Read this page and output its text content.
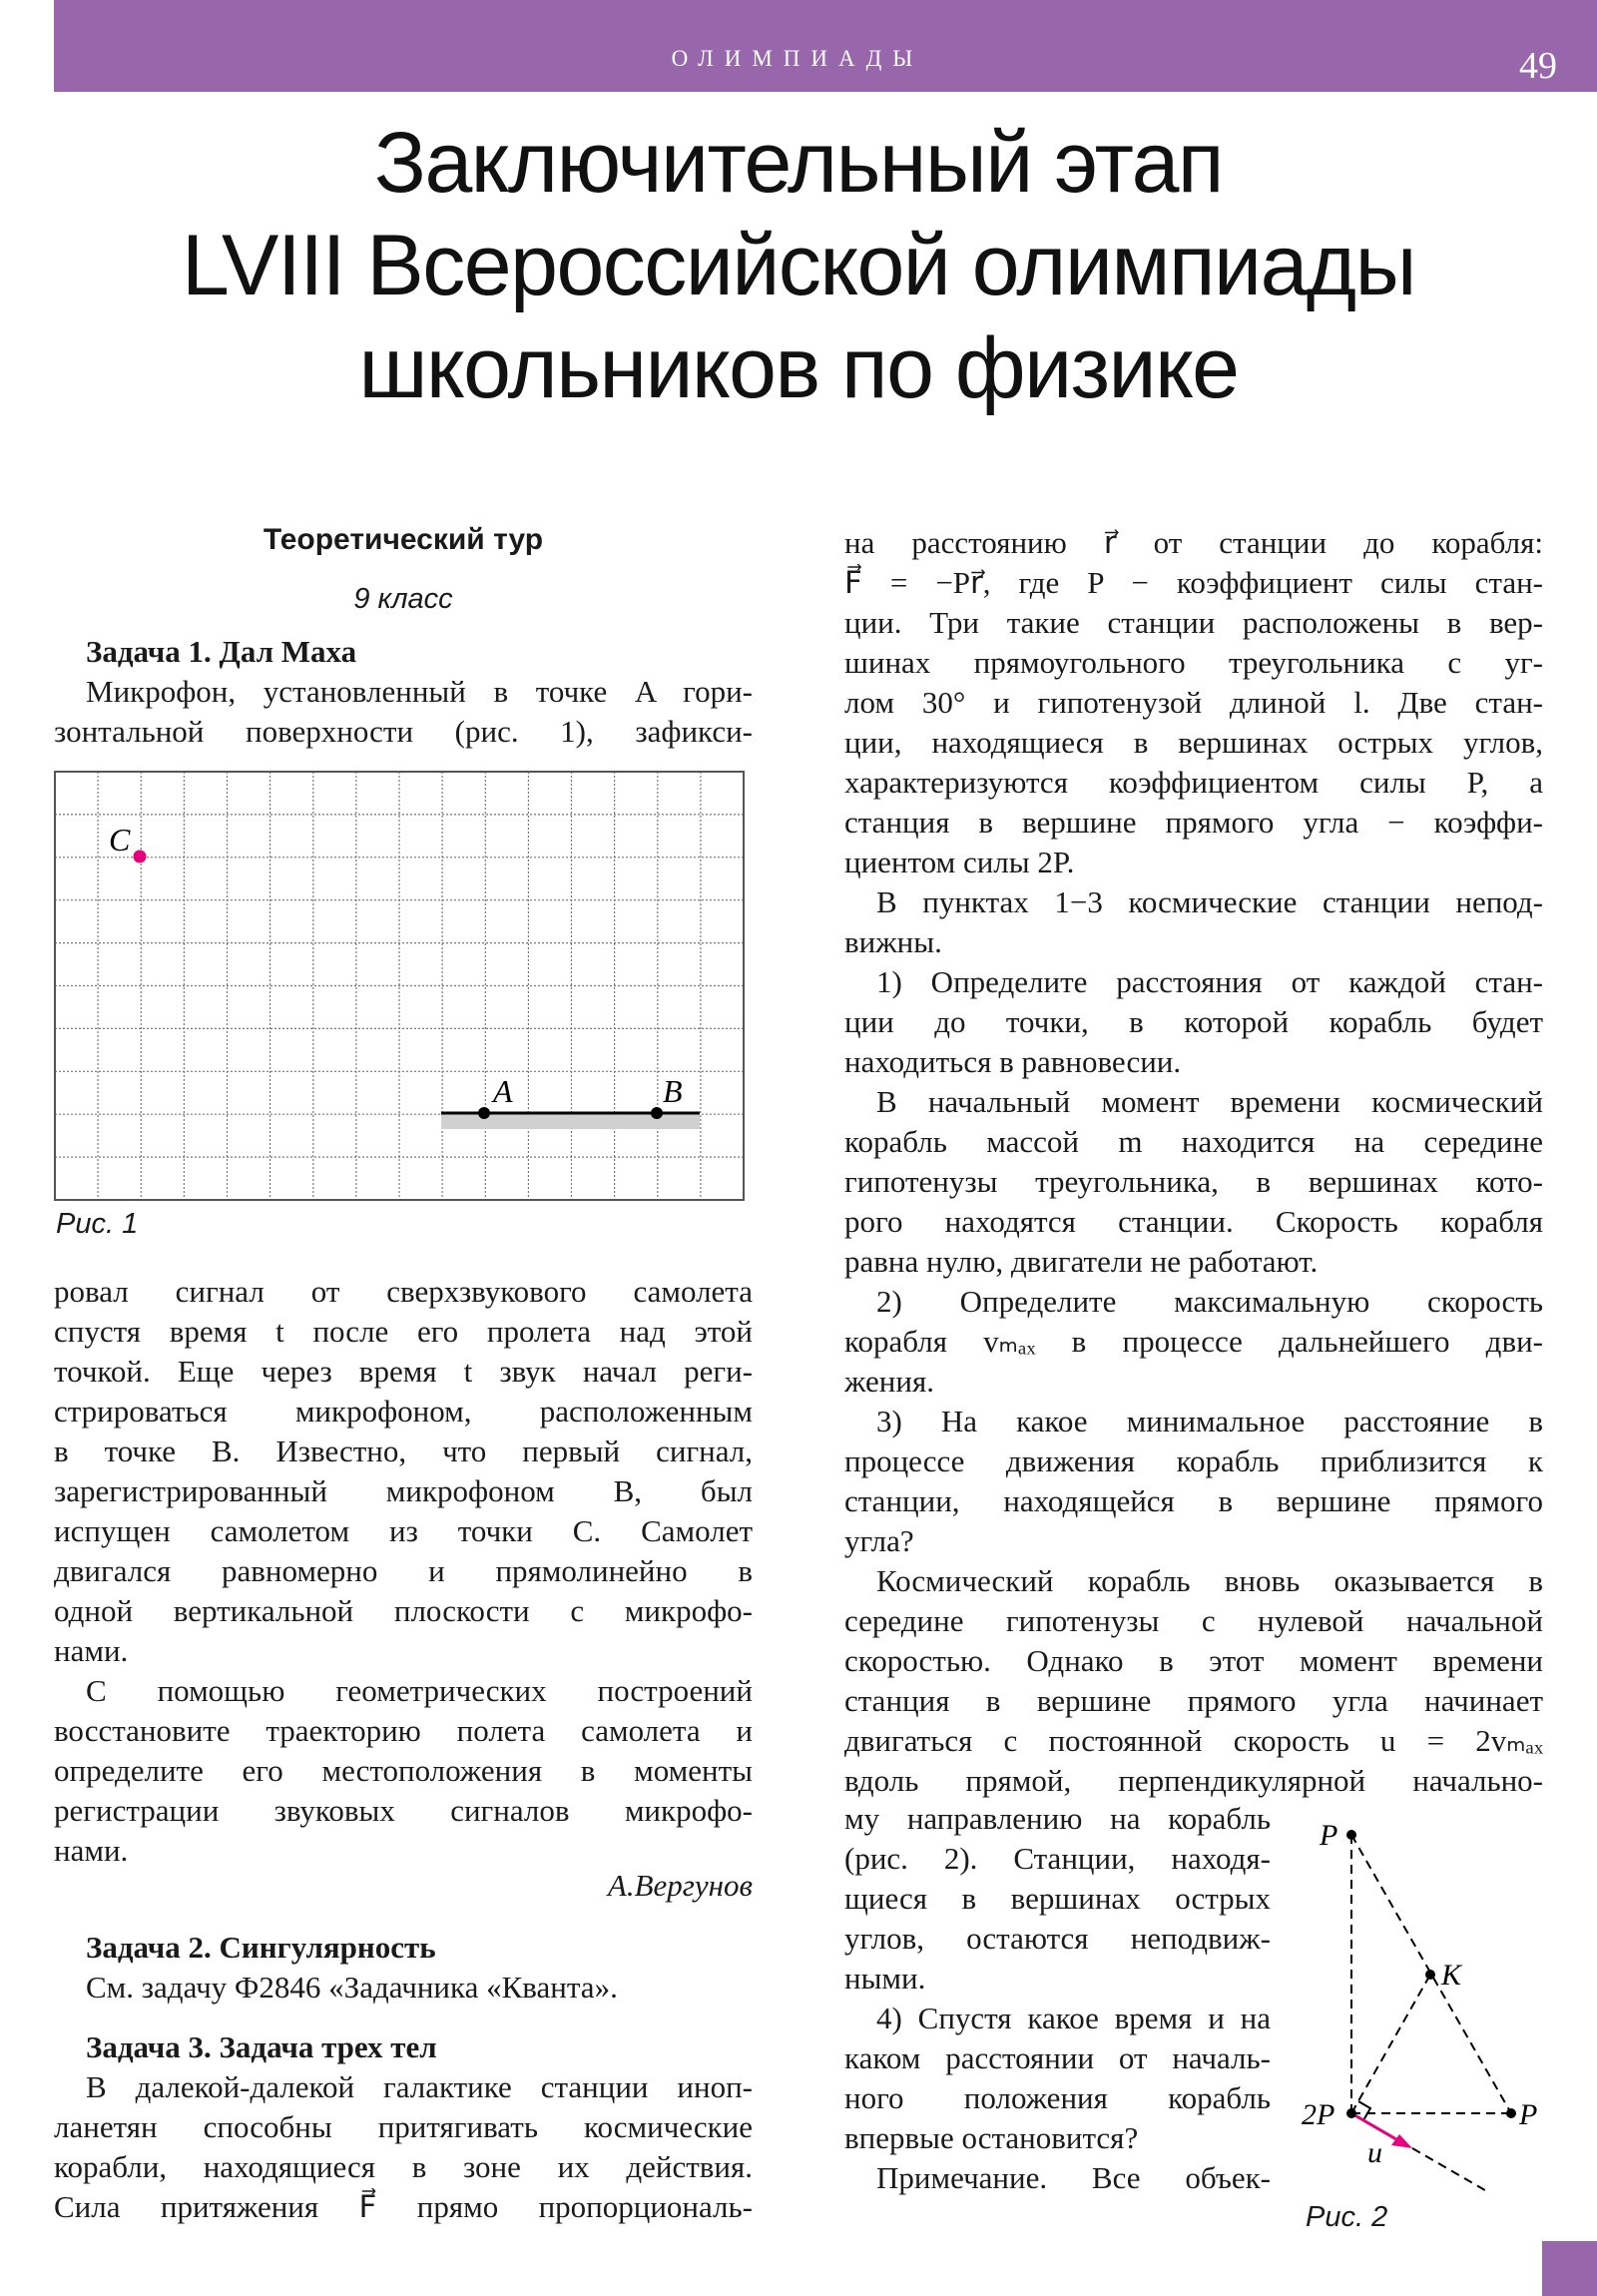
ОЛИМПИАДЫ	49
Заключительный этап
LVIII Всероссийской олимпиады
школьников по физике
Теоретический тур
9 класс
Задача 1. Дал Маха
Микрофон, установленный в точке A гори-
зонтальной поверхности (рис. 1), зафикси-
C
A	B
Рис. 1
ровал сигнал от сверхзвукового самолета
спустя время t после его пролета над этой
точкой. Еще через время t звук начал реги-
стрироваться микрофоном, расположенным
в точке B. Известно, что первый сигнал,
зарегистрированный микрофоном B, был
испущен самолетом из точки C. Самолет
двигался равномерно и прямолинейно в
одной вертикальной плоскости с микрофо-
нами.
С помощью геометрических построений
восстановите траекторию полета самолета и
определите его местоположения в моменты
регистрации звуковых сигналов микрофо-
нами.
А.Вергунов
Задача 2. Сингулярность
См. задачу Ф2846 «Задачника «Кванта».
Задача 3. Задача трех тел
В далекой-далекой галактике станции иноп-
ланетян способны притягивать космические
корабли, находящиеся в зоне их действия.
Сила притяжения F⃗ прямо пропорциональ-
на расстоянию r⃗ от станции до корабля:
F⃗ = −Pr⃗, где P − коэффициент силы стан-
ции. Три такие станции расположены в вер-
шинах прямоугольного треугольника с уг-
лом 30° и гипотенузой длиной l. Две стан-
ции, находящиеся в вершинах острых углов,
характеризуются коэффициентом силы P, а
станция в вершине прямого угла − коэффи-
циентом силы 2P.
В пунктах 1−3 космические станции непод-
вижны.
1) Определите расстояния от каждой стан-
ции до точки, в которой корабль будет
находиться в равновесии.
В начальный момент времени космический
корабль массой m находится на середине
гипотенузы треугольника, в вершинах кото-
рого находятся станции. Скорость корабля
равна нулю, двигатели не работают.
2) Определите максимальную скорость
корабля vₘₐₓ в процессе дальнейшего дви-
жения.
3) На какое минимальное расстояние в
процессе движения корабль приблизится к
станции, находящейся в вершине прямого
угла?
Космический корабль вновь оказывается в
середине гипотенузы с нулевой начальной
скоростью. Однако в этот момент времени
станция в вершине прямого угла начинает
двигаться с постоянной скорость u = 2vₘₐₓ
вдоль прямой, перпендикулярной начально-
му направлению на корабль
(рис. 2). Станции, находя-
щиеся в вершинах острых
углов, остаются неподвиж-
ными.
4) Спустя какое время и на
каком расстоянии от началь-
ного положения корабль
впервые остановится?
Примечание. Все объек-
P
K
2P	P
u
Рис. 2
